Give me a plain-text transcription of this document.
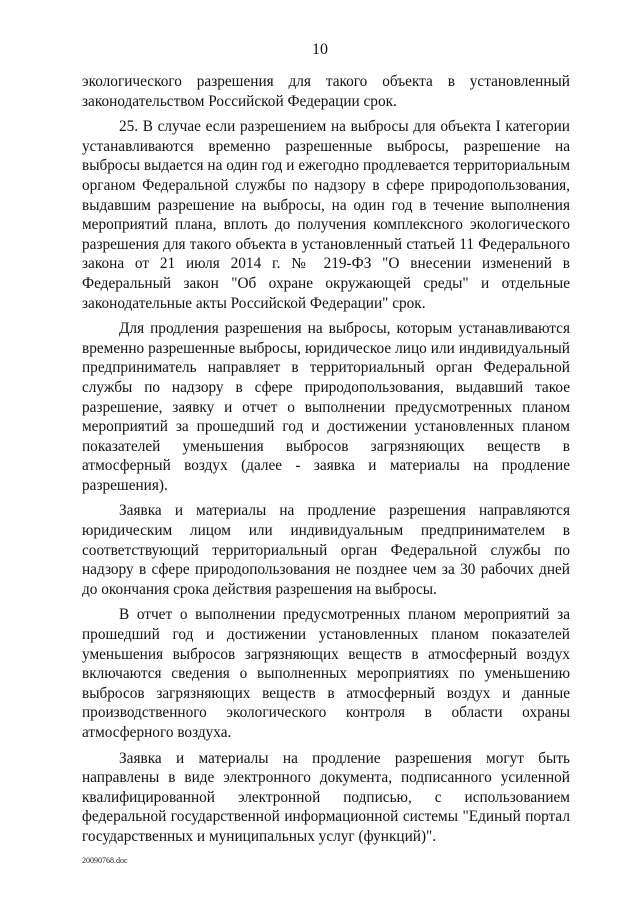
10

экологического разрешения для такого объекта в установленный законодательством Российской Федерации срок.

25. В случае если разрешением на выбросы для объекта I категории устанавливаются временно разрешенные выбросы, разрешение на выбросы выдается на один год и ежегодно продлевается территориальным органом Федеральной службы по надзору в сфере природопользования, выдавшим разрешение на выбросы, на один год в течение выполнения мероприятий плана, вплоть до получения комплексного экологического разрешения для такого объекта в установленный статьей 11 Федерального закона от 21 июля 2014 г. № 219-ФЗ "О внесении изменений в Федеральный закон "Об охране окружающей среды" и отдельные законодательные акты Российской Федерации" срок.

Для продления разрешения на выбросы, которым устанавливаются временно разрешенные выбросы, юридическое лицо или индивидуальный предприниматель направляет в территориальный орган Федеральной службы по надзору в сфере природопользования, выдавший такое разрешение, заявку и отчет о выполнении предусмотренных планом мероприятий за прошедший год и достижении установленных планом показателей уменьшения выбросов загрязняющих веществ в атмосферный воздух (далее - заявка и материалы на продление разрешения).

Заявка и материалы на продление разрешения направляются юридическим лицом или индивидуальным предпринимателем в соответствующий территориальный орган Федеральной службы по надзору в сфере природопользования не позднее чем за 30 рабочих дней до окончания срока действия разрешения на выбросы.

В отчет о выполнении предусмотренных планом мероприятий за прошедший год и достижении установленных планом показателей уменьшения выбросов загрязняющих веществ в атмосферный воздух включаются сведения о выполненных мероприятиях по уменьшению выбросов загрязняющих веществ в атмосферный воздух и данные производственного экологического контроля в области охраны атмосферного воздуха.

Заявка и материалы на продление разрешения могут быть направлены в виде электронного документа, подписанного усиленной квалифицированной электронной подписью, с использованием федеральной государственной информационной системы "Единый портал государственных и муниципальных услуг (функций)".

20090768.doc
